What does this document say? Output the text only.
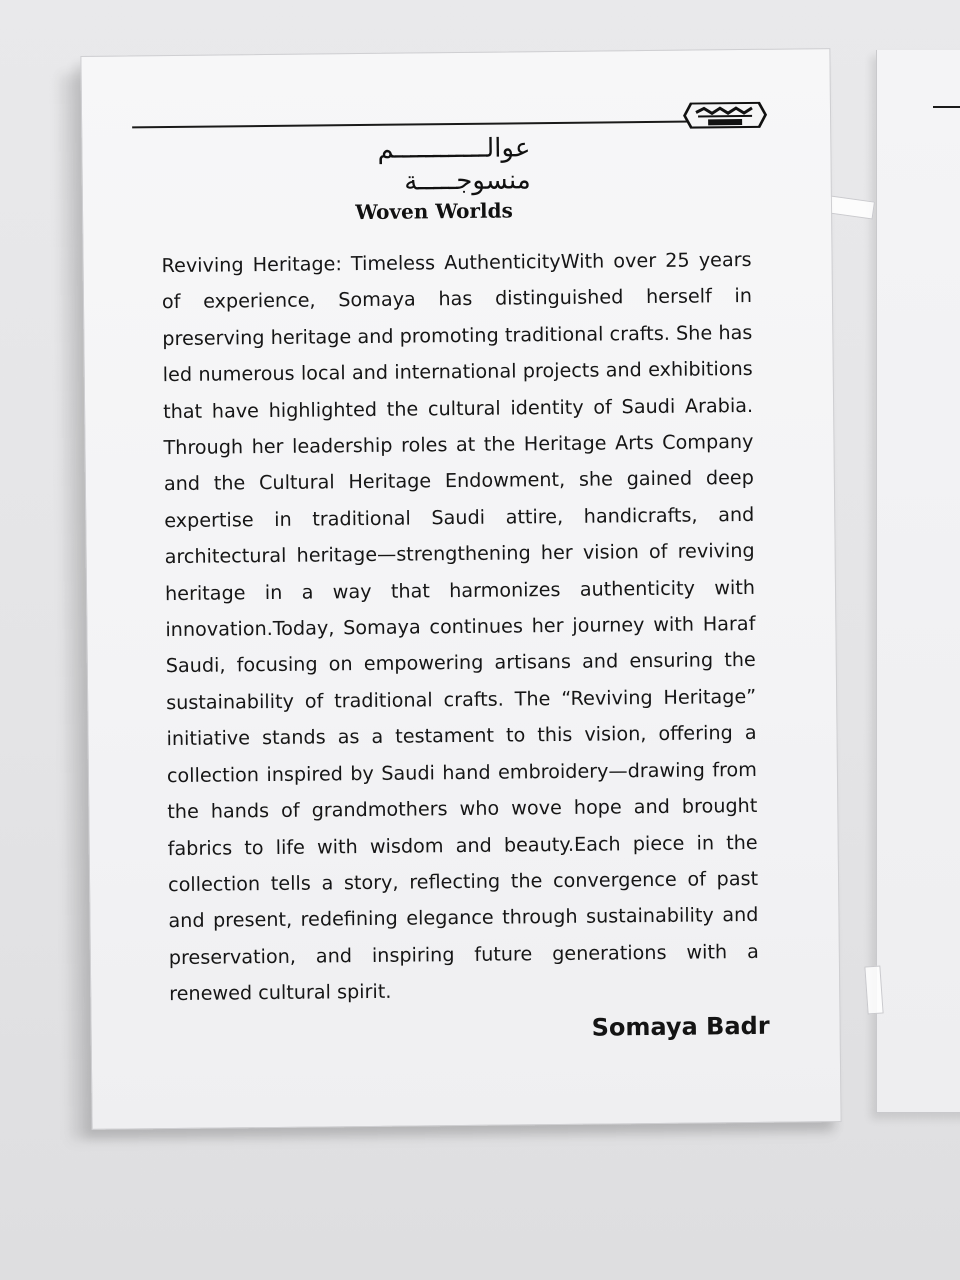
عوالــــــــــــم
منسوجـــــة
Woven Worlds

Reviving Heritage: Timeless AuthenticityWith over 25 years of experience, Somaya has distinguished herself in preserving heritage and promoting traditional crafts. She has led numerous local and international projects and exhibitions that have highlighted the cultural identity of Saudi Arabia. Through her leadership roles at the Heritage Arts Company and the Cultural Heritage Endowment, she gained deep expertise in traditional Saudi attire, handicrafts, and architectural heritage—strengthening her vision of reviving heritage in a way that harmonizes authenticity with innovation.Today, Somaya continues her journey with Haraf Saudi, focusing on empowering artisans and ensuring the sustainability of traditional crafts. The “Reviving Heritage” initiative stands as a testament to this vision, offering a collection inspired by Saudi hand embroidery—drawing from the hands of grandmothers who wove hope and brought fabrics to life with wisdom and beauty.Each piece in the collection tells a story, reflecting the convergence of past and present, redefining elegance through sustainability and preservation, and inspiring future generations with a renewed cultural spirit.

Somaya Badr
